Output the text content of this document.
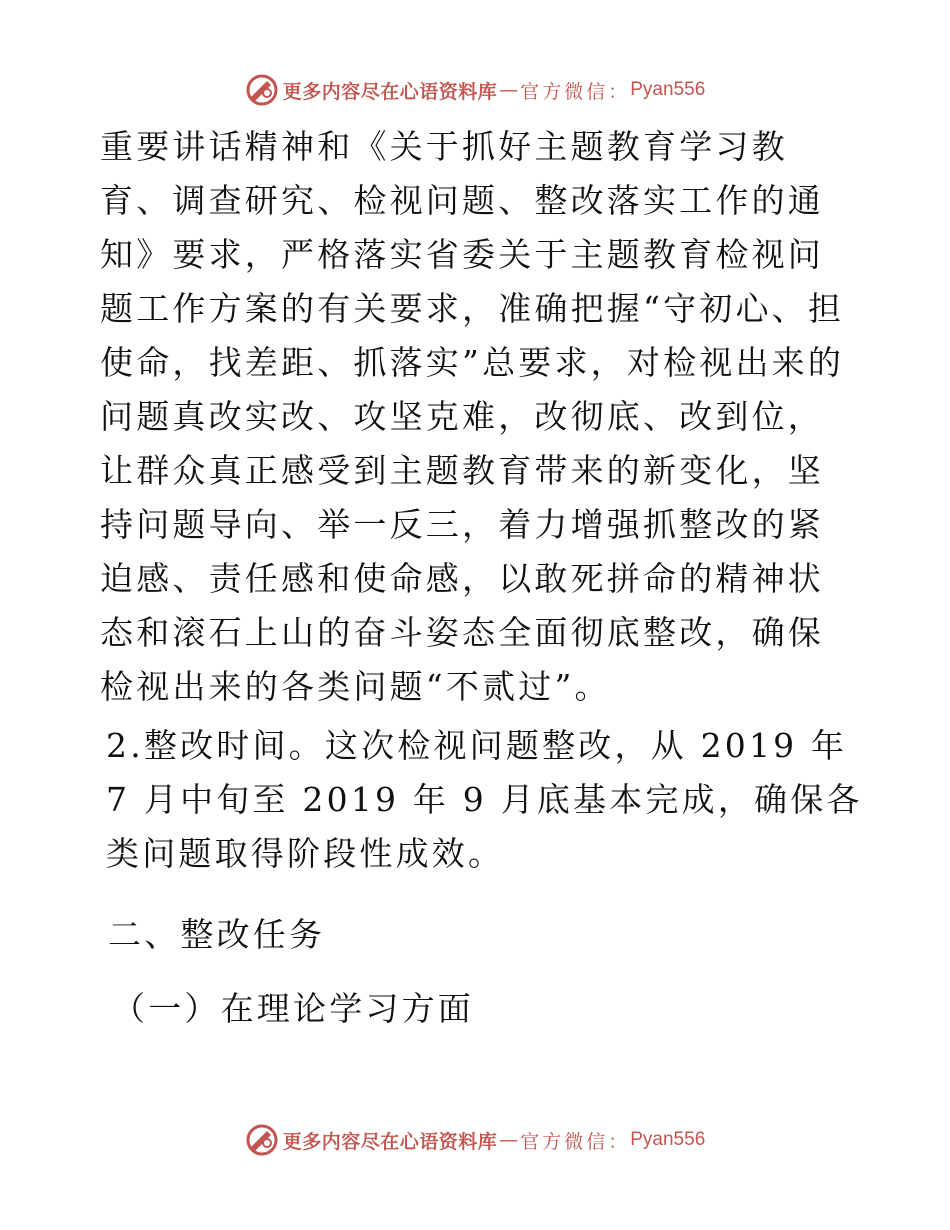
更多内容尽在心语资料库 — 官方微信： Pyan556

重要讲话精神和《关于抓好主题教育学习教育、调查研究、检视问题、整改落实工作的通知》要求，严格落实省委关于主题教育检视问题工作方案的有关要求，准确把握“守初心、担使命，找差距、抓落实”总要求，对检视出来的问题真改实改、攻坚克难，改彻底、改到位，让群众真正感受到主题教育带来的新变化，坚持问题导向、举一反三，着力增强抓整改的紧迫感、责任感和使命感，以敢死拼命的精神状态和滚石上山的奋斗姿态全面彻底整改，确保检视出来的各类问题“不贰过”。

2.整改时间。这次检视问题整改，从 2019 年 7 月中旬至 2019 年 9 月底基本完成，确保各类问题取得阶段性成效。

二、整改任务

（一）在理论学习方面

更多内容尽在心语资料库 — 官方微信： Pyan556
